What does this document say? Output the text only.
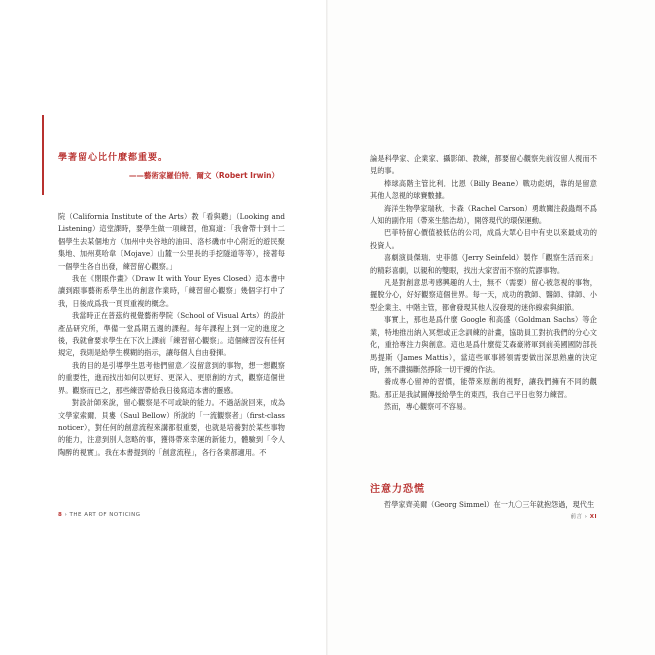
學著留心比什麼都重要。
——藝術家羅伯特．爾文（Robert Irwin）

院（California Institute of the Arts）教「看與聽」（Looking and Listening）這堂課時，要學生做一項練習，他寫道：「我會帶十到十二個學生去某個地方（加州中央谷地的油田、洛杉磯市中心附近的遊民聚集地、加州莫哈韋〔Mojave〕山麓一公里長的手挖隧道等等），接著每一個學生各自出發，練習留心觀察。」

我在《閉眼作畫》（Draw It with Your Eyes Closed）這本書中讀到跟事藝術系學生出的創意作業時，「練習留心觀察」幾個字打中了我，日後成爲我一頁頁重複的概念。

我當時正在普茲約視覺藝術學院（School of Visual Arts）的設計產品研究所，準備一堂爲期五週的課程。每年課程上到一定的進度之後，我就會要求學生在下次上課前「練習留心觀察」。這個練習沒有任何規定，我則是給學生模糊的指示，讓每個人自由發揮。

我的目的是引導學生思考他們留意／沒留意到的事物，想一想觀察的重要性，進而找出如何以更好、更深入、更原創的方式，觀察這個世界。觀察而已之，那些練習帶給我日後寫這本書的靈感。

對設計師來說，留心觀察是不可或缺的能力。不過話說回來，成為文學家索爾．貝婁（Saul Bellow）所說的「一流觀察者」（first-class noticer），對任何的創意流程來講都很重要，也就是培養對於某些事物的能力，注意到別人忽略的事，獲得帶來幸運的新能力，體驗到「令人陶醉的視實」。我在本書提到的「創意流程」，各行各業都適用。不

8 › THE ART OF NOTICING

論是科學家、企業家、攝影師、教練，都要留心觀察先前沒留人視而不見的事。

棒球高階主管比利．比恩（Billy Beane）戰功彪炳，靠的是留意其他人忽視的球賽數據。

海洋生物學家瑞秋．卡森（Rachel Carson）勇敢關注殺蟲劑不爲人知的副作用（帶來生態浩劫），開啓現代的環保運動。

巴菲特留心價值被低估的公司，成爲大眾心目中有史以來最成功的投資人。

喜劇演員傑瑞．史菲德（Jerry Seinfeld）製作「觀察生活而來」的精彩喜劇，以親和的雙眼，找出大家習而不察的荒謬事物。

凡是對創意思考感興趣的人士，無不（需要）留心被忽視的事物，擺脫分心，好好觀察這個世界。每一天，成功的教師、醫師、律師、小型企業主、中階主管，都會發現其他人沒發現的迷你線索與細節。

事實上，那也是爲什麼 Google 和高盛（Goldman Sachs）等企業，特地推出納入冥想或正念訓練的計畫，協助員工對抗我們的分心文化，重拾專注力與創意。這也是爲什麼從艾森豪將軍到前美國國防部長馬提斯（James Mattis），當這些軍事將領需要做出深思熟慮的決定時，無不讚揚斷然掙除一切干擾的作法。

養成專心留神的習慣，能帶來原創的視野，讓我們擁有不同的觀點。那正是我試圖傳授給學生的東西，我自己平日也努力練習。

然而，專心觀察可不容易。

注意力恐慌
哲學家齊美爾（Georg Simmel）在一九〇三年就抱怨過，現代生
前言 › XI
